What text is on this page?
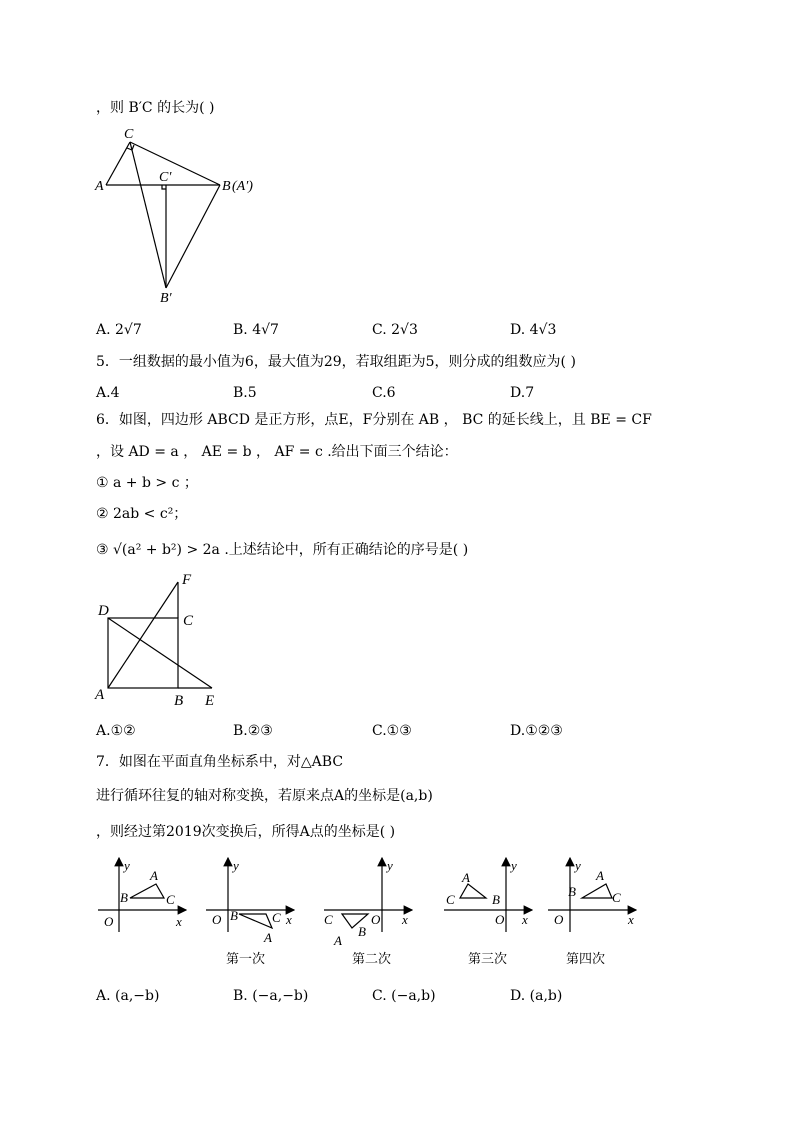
，则 B′C 的长为( )
C
A
C′
B (A′)
B′
A. 2√7	B. 4√7	C. 2√3	D. 4√3
5．一组数据的最小值为6，最大值为29，若取组距为5，则分成的组数应为( )
A.4	B.5	C.6	D.7
6．如图，四边形 ABCD 是正方形，点E，F分别在 AB ， BC 的延长线上，且 BE = CF
，设 AD = a ， AE = b ， AF = c .给出下面三个结论：
① a + b > c ；
② 2ab < c²；
③ √(a² + b²) > 2a .上述结论中，所有正确结论的序号是( )
F
D
C
A	B E
A.①②	B.②③	C.①③	D.①②③
7．如图在平面直角坐标系中，对△ABC
进行循环往复的轴对称变换，若原来点A的坐标是(a,b)
，则经过第2019次变换后，所得A点的坐标是( )
y
x
O
y
x
O
y
x
O
y
x
O
y
x
O
B
A
C
B	C
A
C
A
B
C
A
B
B
A
C
第一次	第二次	第三次	第四次
A. (a,−b)	B. (−a,−b)	C. (−a,b)	D. (a,b)
